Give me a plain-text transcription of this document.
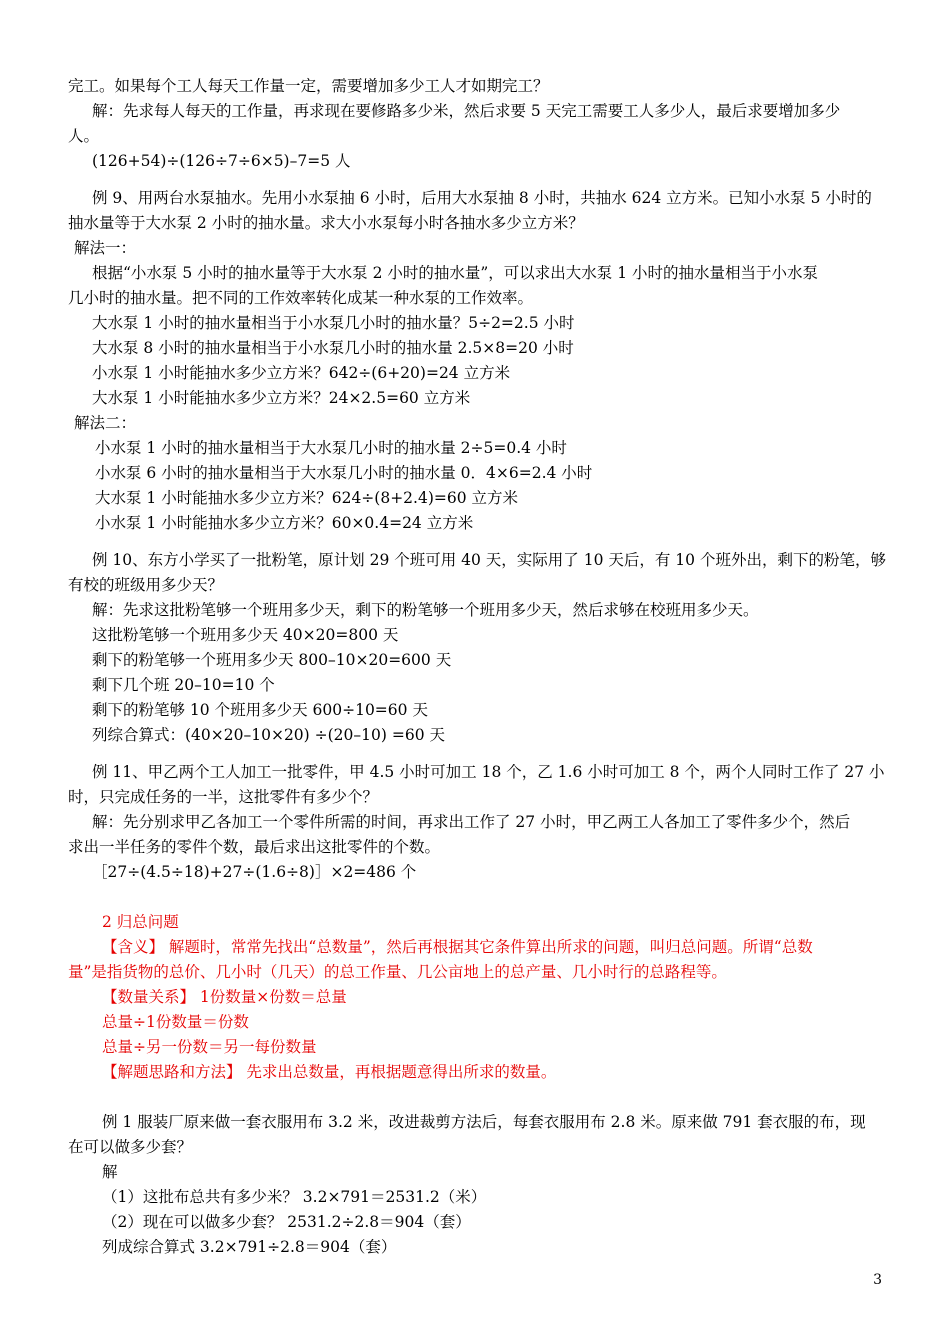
完工。如果每个工人每天工作量一定，需要增加多少工人才如期完工？
解：先求每人每天的工作量，再求现在要修路多少米，然后求要 5 天完工需要工人多少人，最后求要增加多少
人。
(126+54)÷(126÷7÷6×5)–7=5 人
例 9、用两台水泵抽水。先用小水泵抽 6 小时，后用大水泵抽 8 小时，共抽水 624 立方米。已知小水泵 5 小时的
抽水量等于大水泵 2 小时的抽水量。求大小水泵每小时各抽水多少立方米？
解法一：
根据“小水泵 5 小时的抽水量等于大水泵 2 小时的抽水量”，可以求出大水泵 1 小时的抽水量相当于小水泵
几小时的抽水量。把不同的工作效率转化成某一种水泵的工作效率。
大水泵 1 小时的抽水量相当于小水泵几小时的抽水量？5÷2=2.5 小时
大水泵 8 小时的抽水量相当于小水泵几小时的抽水量 2.5×8=20 小时
小水泵 1 小时能抽水多少立方米？642÷(6+20)=24 立方米
大水泵 1 小时能抽水多少立方米？24×2.5=60 立方米
解法二：
小水泵 1 小时的抽水量相当于大水泵几小时的抽水量 2÷5=0.4 小时
小水泵 6 小时的抽水量相当于大水泵几小时的抽水量 0．4×6=2.4 小时
大水泵 1 小时能抽水多少立方米？624÷(8+2.4)=60 立方米
小水泵 1 小时能抽水多少立方米？60×0.4=24 立方米
例 10、东方小学买了一批粉笔，原计划 29 个班可用 40 天，实际用了 10 天后，有 10 个班外出，剩下的粉笔，够
有校的班级用多少天？
解：先求这批粉笔够一个班用多少天，剩下的粉笔够一个班用多少天，然后求够在校班用多少天。
这批粉笔够一个班用多少天 40×20=800 天
剩下的粉笔够一个班用多少天 800–10×20=600 天
剩下几个班 20–10=10 个
剩下的粉笔够 10 个班用多少天 600÷10=60 天
列综合算式：(40×20–10×20) ÷(20–10) =60 天
例 11、甲乙两个工人加工一批零件，甲 4.5 小时可加工 18 个，乙 1.6 小时可加工 8 个，两个人同时工作了 27 小
时，只完成任务的一半，这批零件有多少个？
解：先分别求甲乙各加工一个零件所需的时间，再求出工作了 27 小时，甲乙两工人各加工了零件多少个，然后
求出一半任务的零件个数，最后求出这批零件的个数。
［27÷(4.5÷18)+27÷(1.6÷8)］×2=486 个
2 归总问题
【含义】 解题时，常常先找出“总数量”，然后再根据其它条件算出所求的问题，叫归总问题。所谓“总数
量”是指货物的总价、几小时（几天）的总工作量、几公亩地上的总产量、几小时行的总路程等。
【数量关系】 1份数量×份数＝总量
总量÷1份数量＝份数
总量÷另一份数＝另一每份数量
【解题思路和方法】 先求出总数量，再根据题意得出所求的数量。
例 1 服装厂原来做一套衣服用布 3.2 米，改进裁剪方法后，每套衣服用布 2.8 米。原来做 791 套衣服的布，现
在可以做多少套？
解
（1）这批布总共有多少米？ 3.2×791＝2531.2（米）
（2）现在可以做多少套？ 2531.2÷2.8＝904（套）
列成综合算式 3.2×791÷2.8＝904（套）
3
